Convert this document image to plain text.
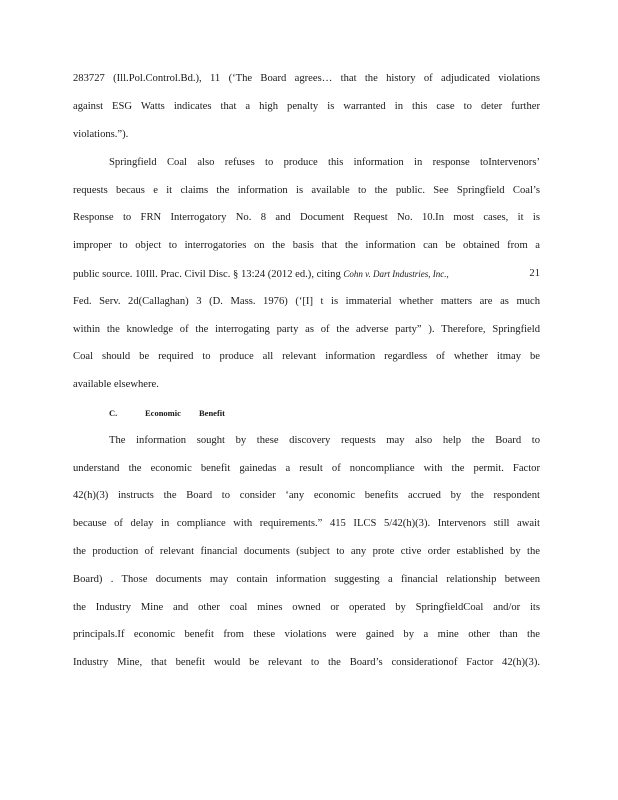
283727 (Ill.Pol.Control.Bd.), 11 (‘The Board agrees… that the history of adjudicated violations
against ESG Watts indicates that a high penalty is warranted in this case to deter further
violations.”).
Springfield Coal also refuses to produce this information in response toIntervenors’
requests becaus e it claims the information is available to the public. See Springfield Coal’s
Response to FRN Interrogatory No. 8 and Document Request No. 10.In most cases, it is
improper to object to interrogatories on the basis that the information can be obtained from a
public source. 10Ill. Prac. Civil Disc. § 13:24 (2012 ed.), citing Cohn v. Dart Industries, Inc.,	21
Fed. Serv. 2d(Callaghan) 3 (D. Mass. 1976) (‘[I] t is immaterial whether matters are as much
within the knowledge of the interrogating party as of the adverse party” ). Therefore, Springfield
Coal should be required to produce all relevant information regardless of whether itmay be
available elsewhere.
C.	Economic Benefit
The information sought by these discovery requests may also help the Board to
understand the economic benefit gainedas a result of noncompliance with the permit. Factor
42(h)(3) instructs the Board to consider ‘any economic benefits accrued by the respondent
because of delay in compliance with requirements.” 415 ILCS 5/42(h)(3). Intervenors still await
the production of relevant financial documents (subject to any prote ctive order established by the
Board) . Those documents may contain information suggesting a financial relationship between
the Industry Mine and other coal mines owned or operated by SpringfieldCoal and/or its
principals.If economic benefit from these violations were gained by a mine other than the
Industry Mine, that benefit would be relevant to the Board’s considerationof Factor 42(h)(3).
